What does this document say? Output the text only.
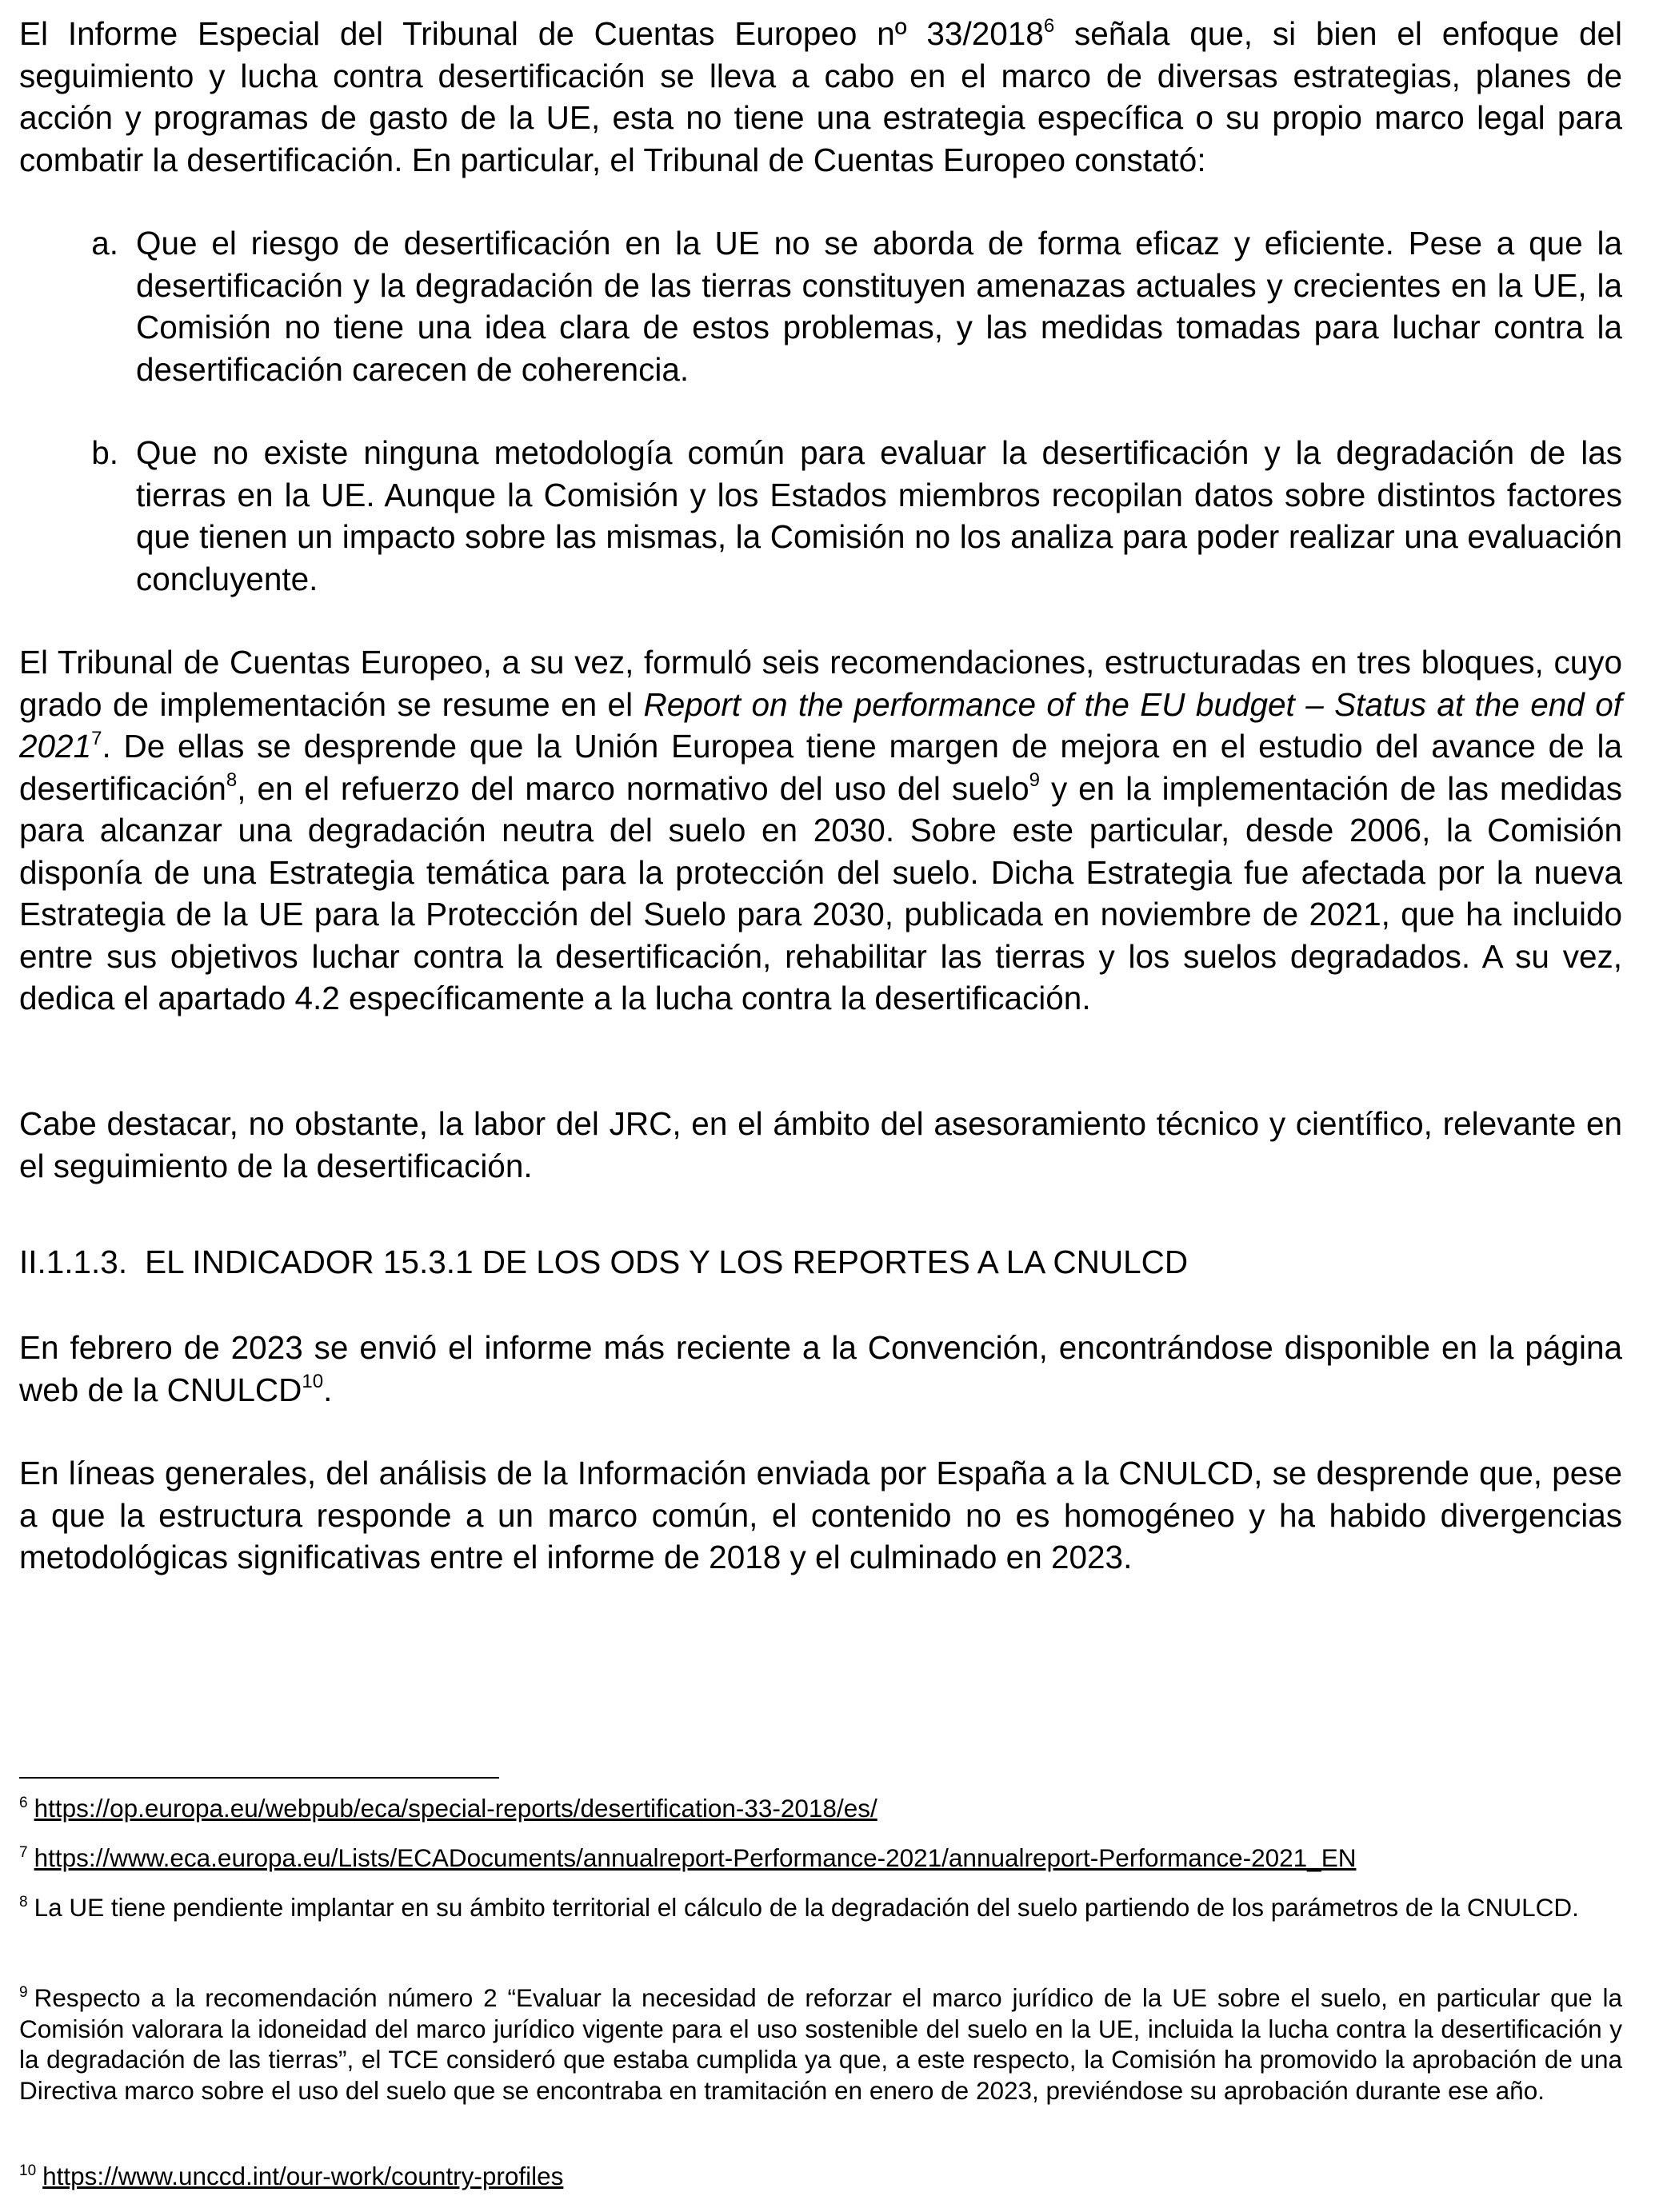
El Informe Especial del Tribunal de Cuentas Europeo nº 33/2018$^6$ señala que, si bien el enfoque del seguimiento y lucha contra desertificación se lleva a cabo en el marco de diversas estrategias, planes de acción y programas de gasto de la UE, esta no tiene una estrategia específica o su propio marco legal para combatir la desertificación. En particular, el Tribunal de Cuentas Europeo constató:

a. Que el riesgo de desertificación en la UE no se aborda de forma eficaz y eficiente. Pese a que la desertificación y la degradación de las tierras constituyen amenazas actuales y crecientes en la UE, la Comisión no tiene una idea clara de estos problemas, y las medidas tomadas para luchar contra la desertificación carecen de coherencia.

b. Que no existe ninguna metodología común para evaluar la desertificación y la degradación de las tierras en la UE. Aunque la Comisión y los Estados miembros recopilan datos sobre distintos factores que tienen un impacto sobre las mismas, la Comisión no los analiza para poder realizar una evaluación concluyente.

El Tribunal de Cuentas Europeo, a su vez, formuló seis recomendaciones, estructuradas en tres bloques, cuyo grado de implementación se resume en el Report on the performance of the EU budget – Status at the end of 2021$^7$. De ellas se desprende que la Unión Europea tiene margen de mejora en el estudio del avance de la desertificación$^8$, en el refuerzo del marco normativo del uso del suelo$^9$ y en la implementación de las medidas para alcanzar una degradación neutra del suelo en 2030. Sobre este particular, desde 2006, la Comisión disponía de una Estrategia temática para la protección del suelo. Dicha Estrategia fue afectada por la nueva Estrategia de la UE para la Protección del Suelo para 2030, publicada en noviembre de 2021, que ha incluido entre sus objetivos luchar contra la desertificación, rehabilitar las tierras y los suelos degradados. A su vez, dedica el apartado 4.2 específicamente a la lucha contra la desertificación.

Cabe destacar, no obstante, la labor del JRC, en el ámbito del asesoramiento técnico y científico, relevante en el seguimiento de la desertificación.

II.1.1.3. EL INDICADOR 15.3.1 DE LOS ODS Y LOS REPORTES A LA CNULCD

En febrero de 2023 se envió el informe más reciente a la Convención, encontrándose disponible en la página web de la CNULCD$^{10}$.

En líneas generales, del análisis de la Información enviada por España a la CNULCD, se desprende que, pese a que la estructura responde a un marco común, el contenido no es homogéneo y ha habido divergencias metodológicas significativas entre el informe de 2018 y el culminado en 2023.

$^6$ https://op.europa.eu/webpub/eca/special-reports/desertification-33-2018/es/

$^7$ https://www.eca.europa.eu/Lists/ECADocuments/annualreport-Performance-2021/annualreport-Performance-2021_EN

$^8$ La UE tiene pendiente implantar en su ámbito territorial el cálculo de la degradación del suelo partiendo de los parámetros de la CNULCD.

$^9$ Respecto a la recomendación número 2 “Evaluar la necesidad de reforzar el marco jurídico de la UE sobre el suelo, en particular que la Comisión valorara la idoneidad del marco jurídico vigente para el uso sostenible del suelo en la UE, incluida la lucha contra la desertificación y la degradación de las tierras”, el TCE consideró que estaba cumplida ya que, a este respecto, la Comisión ha promovido la aprobación de una Directiva marco sobre el uso del suelo que se encontraba en tramitación en enero de 2023, previéndose su aprobación durante ese año.

$^{10}$ https://www.unccd.int/our-work/country-profiles
